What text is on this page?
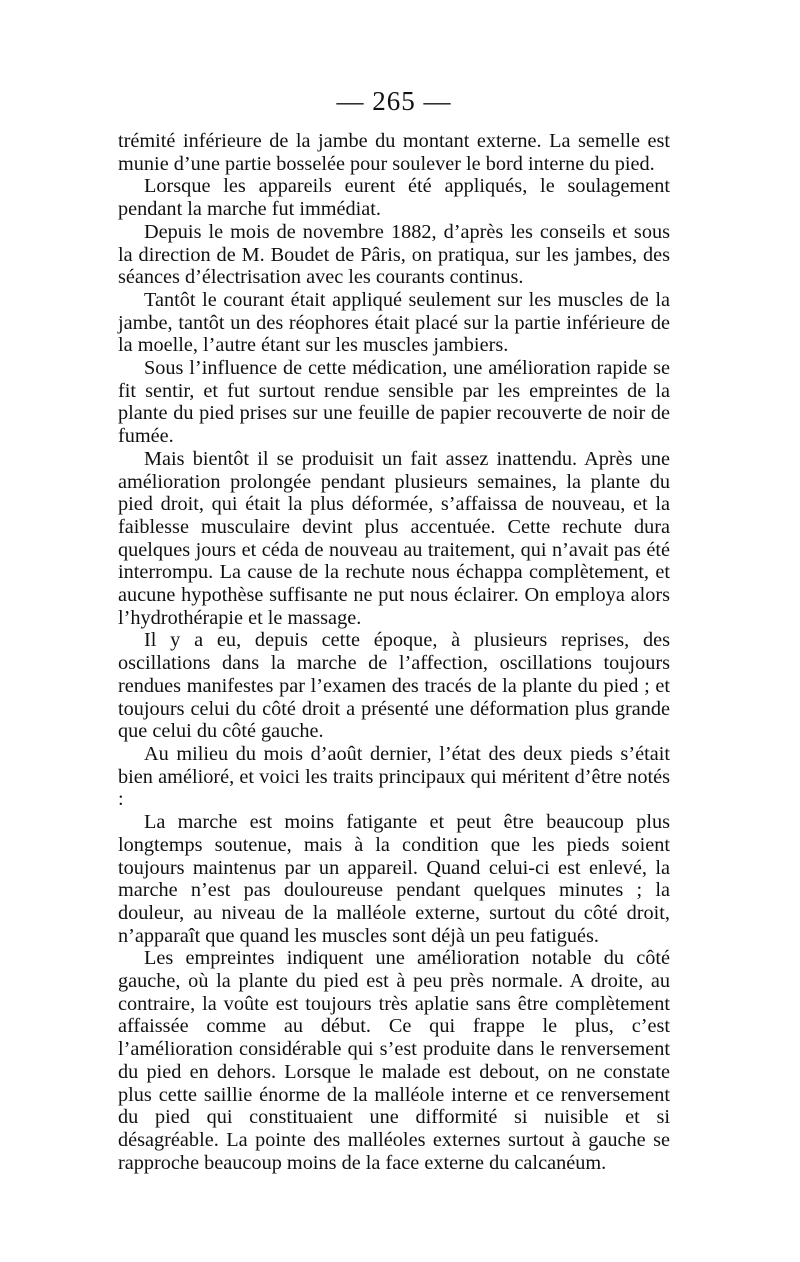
— 265 —

trémité inférieure de la jambe du montant externe. La semelle est munie d’une partie bosselée pour soulever le bord interne du pied.

Lorsque les appareils eurent été appliqués, le soulagement pendant la marche fut immédiat.

Depuis le mois de novembre 1882, d’après les conseils et sous la direction de M. Boudet de Pâris, on pratiqua, sur les jambes, des séances d’électrisation avec les courants continus.

Tantôt le courant était appliqué seulement sur les muscles de la jambe, tantôt un des réophores était placé sur la partie inférieure de la moelle, l’autre étant sur les muscles jambiers.

Sous l’influence de cette médication, une amélioration rapide se fit sentir, et fut surtout rendue sensible par les empreintes de la plante du pied prises sur une feuille de papier recouverte de noir de fumée.

Mais bientôt il se produisit un fait assez inattendu. Après une amélioration prolongée pendant plusieurs semaines, la plante du pied droit, qui était la plus déformée, s’affaissa de nouveau, et la faiblesse musculaire devint plus accentuée. Cette rechute dura quelques jours et céda de nouveau au traitement, qui n’avait pas été interrompu. La cause de la rechute nous échappa complètement, et aucune hypothèse suffisante ne put nous éclairer. On employa alors l’hydrothérapie et le massage.

Il y a eu, depuis cette époque, à plusieurs reprises, des oscillations dans la marche de l’affection, oscillations toujours rendues manifestes par l’examen des tracés de la plante du pied ; et toujours celui du côté droit a présenté une déformation plus grande que celui du côté gauche.

Au milieu du mois d’août dernier, l’état des deux pieds s’était bien amélioré, et voici les traits principaux qui méritent d’être notés :

La marche est moins fatigante et peut être beaucoup plus longtemps soutenue, mais à la condition que les pieds soient toujours maintenus par un appareil. Quand celui-ci est enlevé, la marche n’est pas douloureuse pendant quelques minutes ; la douleur, au niveau de la malléole externe, surtout du côté droit, n’apparaît que quand les muscles sont déjà un peu fatigués.

Les empreintes indiquent une amélioration notable du côté gauche, où la plante du pied est à peu près normale. A droite, au contraire, la voûte est toujours très aplatie sans être complètement affaissée comme au début. Ce qui frappe le plus, c’est l’amélioration considérable qui s’est produite dans le renversement du pied en dehors. Lorsque le malade est debout, on ne constate plus cette saillie énorme de la malléole interne et ce renversement du pied qui constituaient une difformité si nuisible et si désagréable. La pointe des malléoles externes surtout à gauche se rapproche beaucoup moins de la face externe du calcanéum.
